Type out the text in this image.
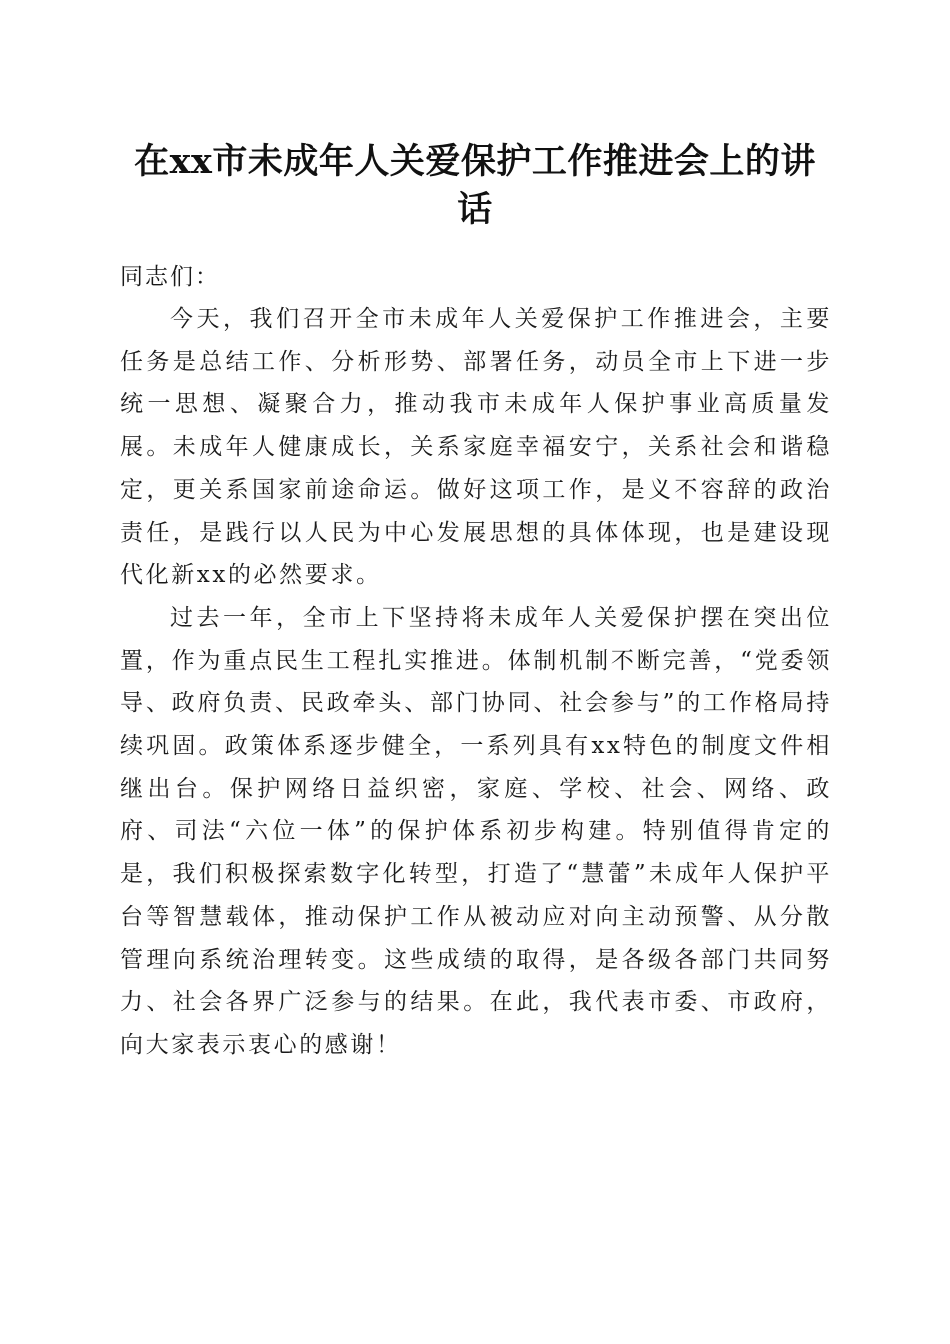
在xx市未成年人关爱保护工作推进会上的讲话

同志们：

今天，我们召开全市未成年人关爱保护工作推进会，主要任务是总结工作、分析形势、部署任务，动员全市上下进一步统一思想、凝聚合力，推动我市未成年人保护事业高质量发展。未成年人健康成长，关系家庭幸福安宁，关系社会和谐稳定，更关系国家前途命运。做好这项工作，是义不容辞的政治责任，是践行以人民为中心发展思想的具体体现，也是建设现代化新xx的必然要求。

过去一年，全市上下坚持将未成年人关爱保护摆在突出位置，作为重点民生工程扎实推进。体制机制不断完善，“党委领导、政府负责、民政牵头、部门协同、社会参与”的工作格局持续巩固。政策体系逐步健全，一系列具有xx特色的制度文件相继出台。保护网络日益织密，家庭、学校、社会、网络、政府、司法“六位一体”的保护体系初步构建。特别值得肯定的是，我们积极探索数字化转型，打造了“慧蕾”未成年人保护平台等智慧载体，推动保护工作从被动应对向主动预警、从分散管理向系统治理转变。这些成绩的取得，是各级各部门共同努力、社会各界广泛参与的结果。在此，我代表市委、市政府，向大家表示衷心的感谢！
